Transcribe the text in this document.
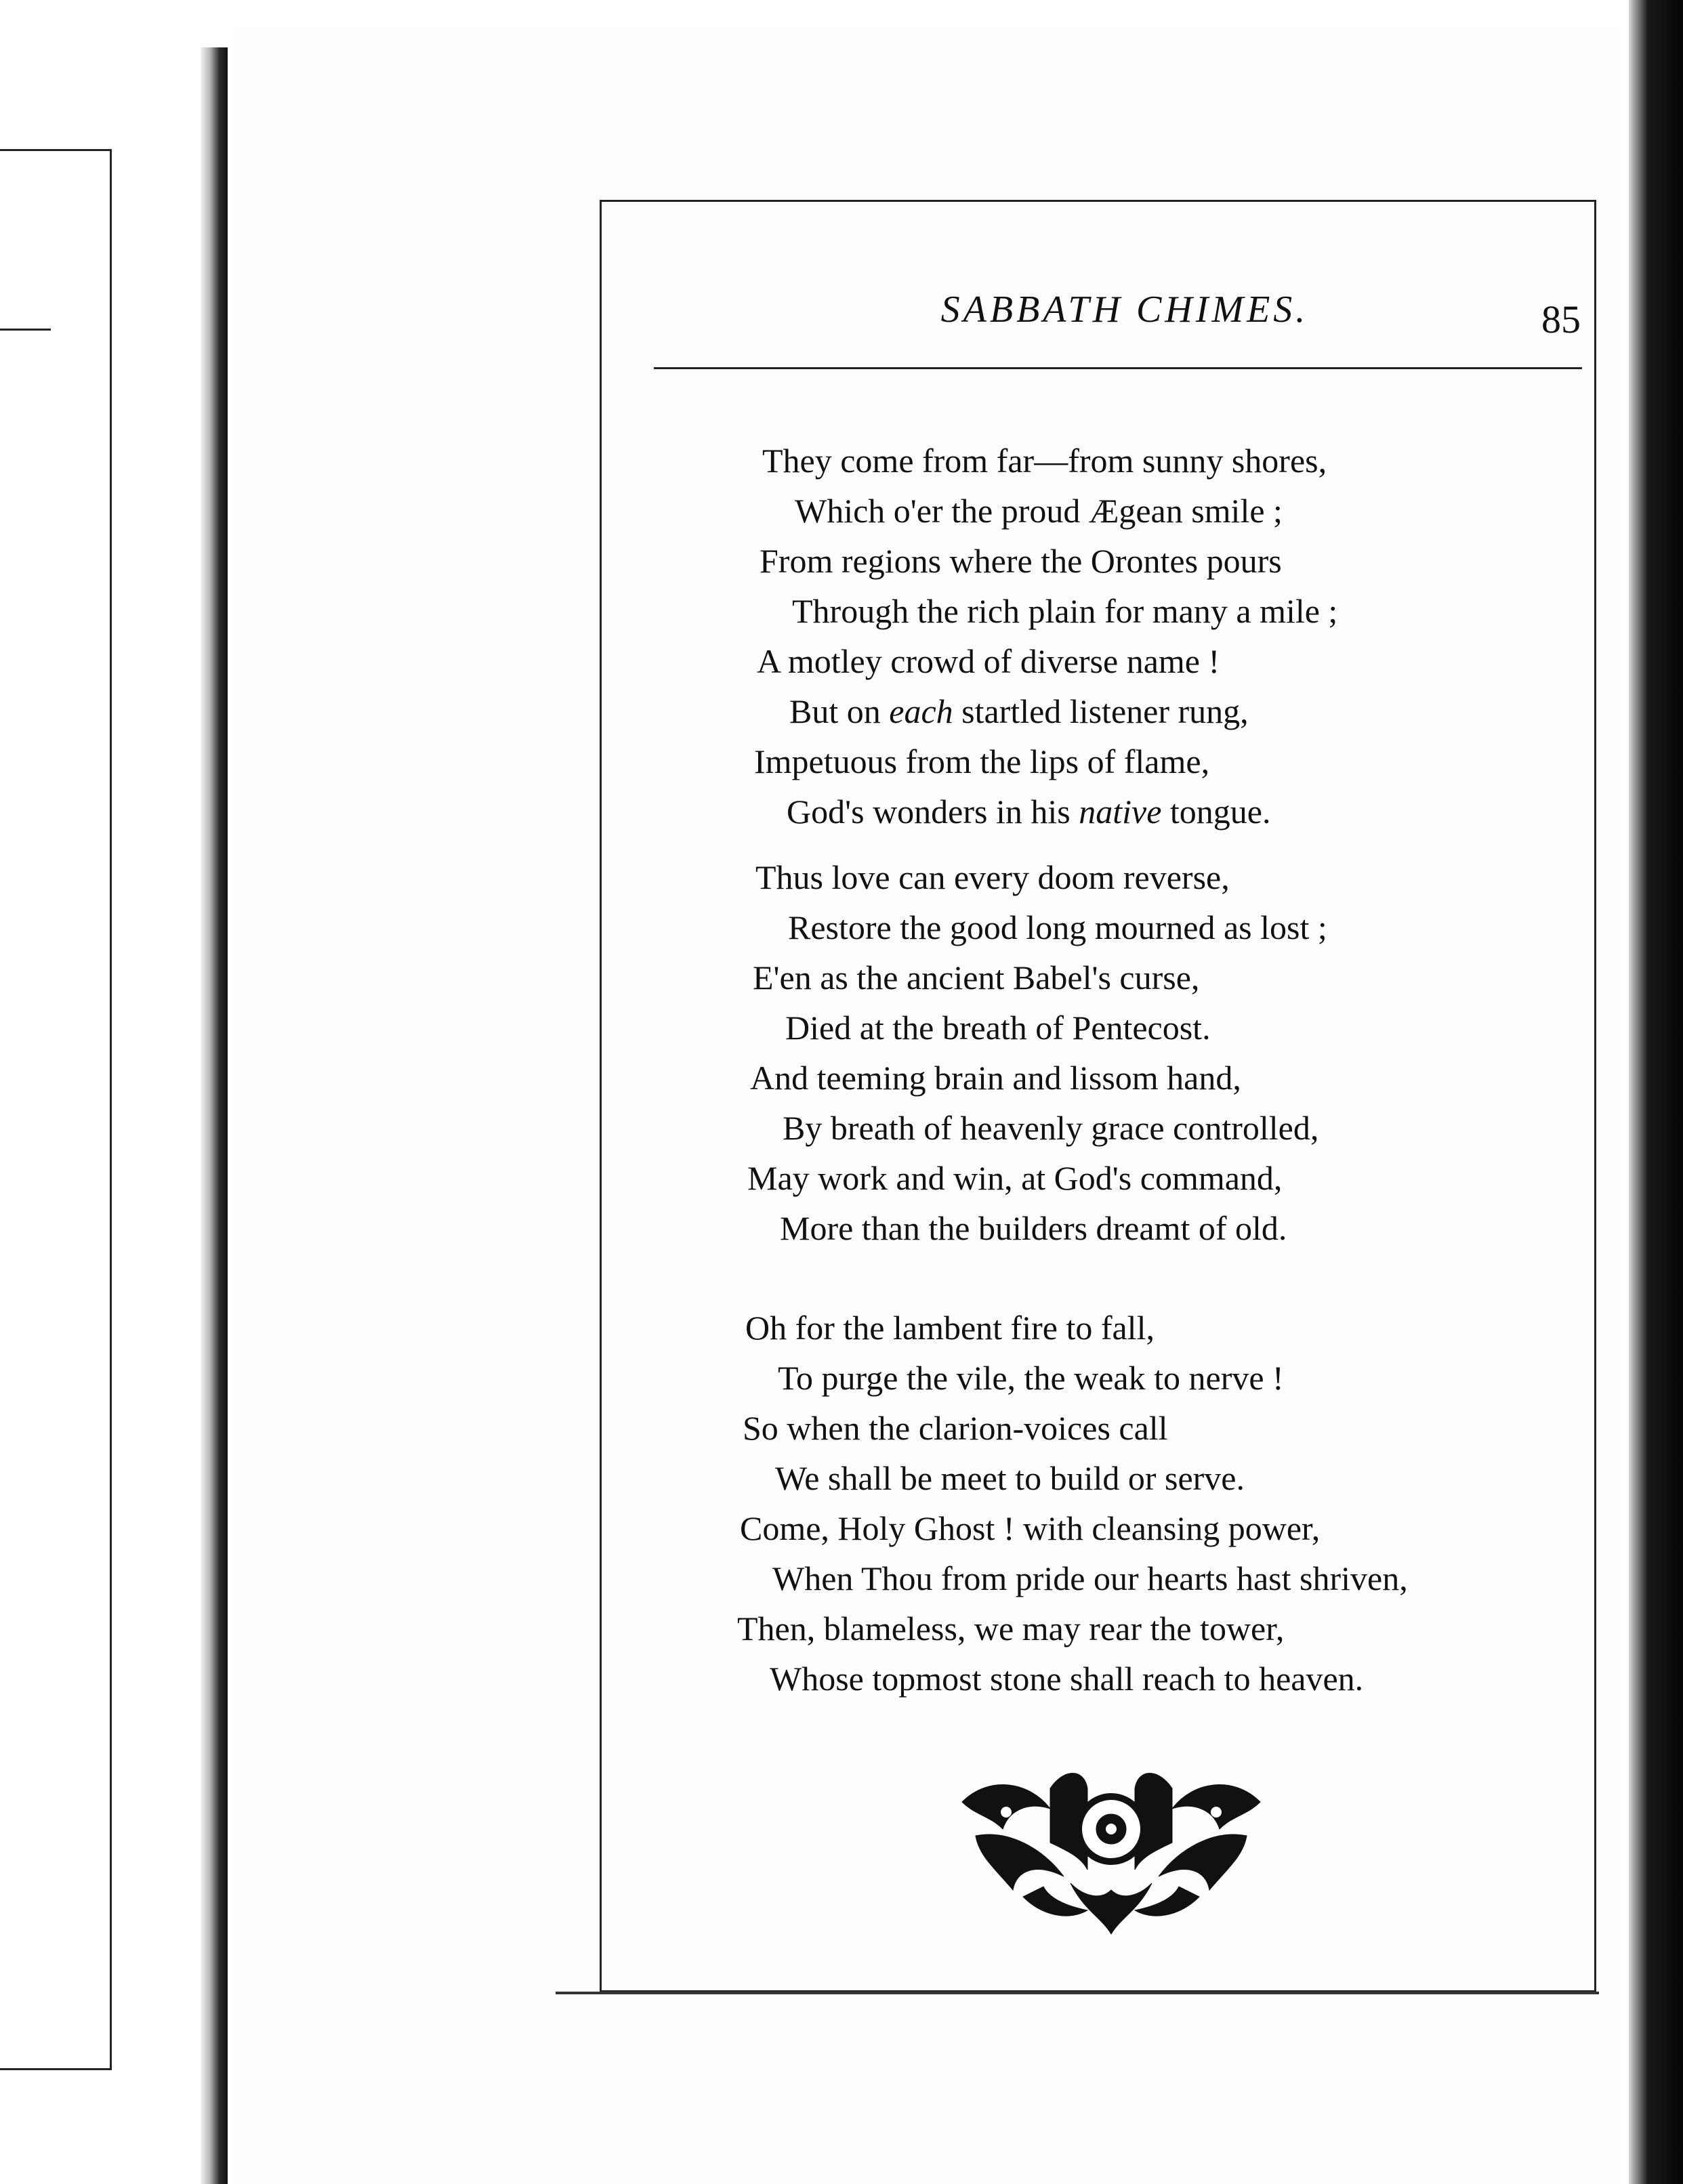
SABBATH CHIMES.	85
They come from far—from sunny shores,
Which o'er the proud Ægean smile ;
From regions where the Orontes pours
Through the rich plain for many a mile ;
A motley crowd of diverse name !
But on each startled listener rung,
Impetuous from the lips of flame,
God's wonders in his native tongue.
Thus love can every doom reverse,
Restore the good long mourned as lost ;
E'en as the ancient Babel's curse,
Died at the breath of Pentecost.
And teeming brain and lissom hand,
By breath of heavenly grace controlled,
May work and win, at God's command,
More than the builders dreamt of old.
Oh for the lambent fire to fall,
To purge the vile, the weak to nerve !
So when the clarion-voices call
We shall be meet to build or serve.
Come, Holy Ghost ! with cleansing power,
When Thou from pride our hearts hast shriven,
Then, blameless, we may rear the tower,
Whose topmost stone shall reach to heaven.
